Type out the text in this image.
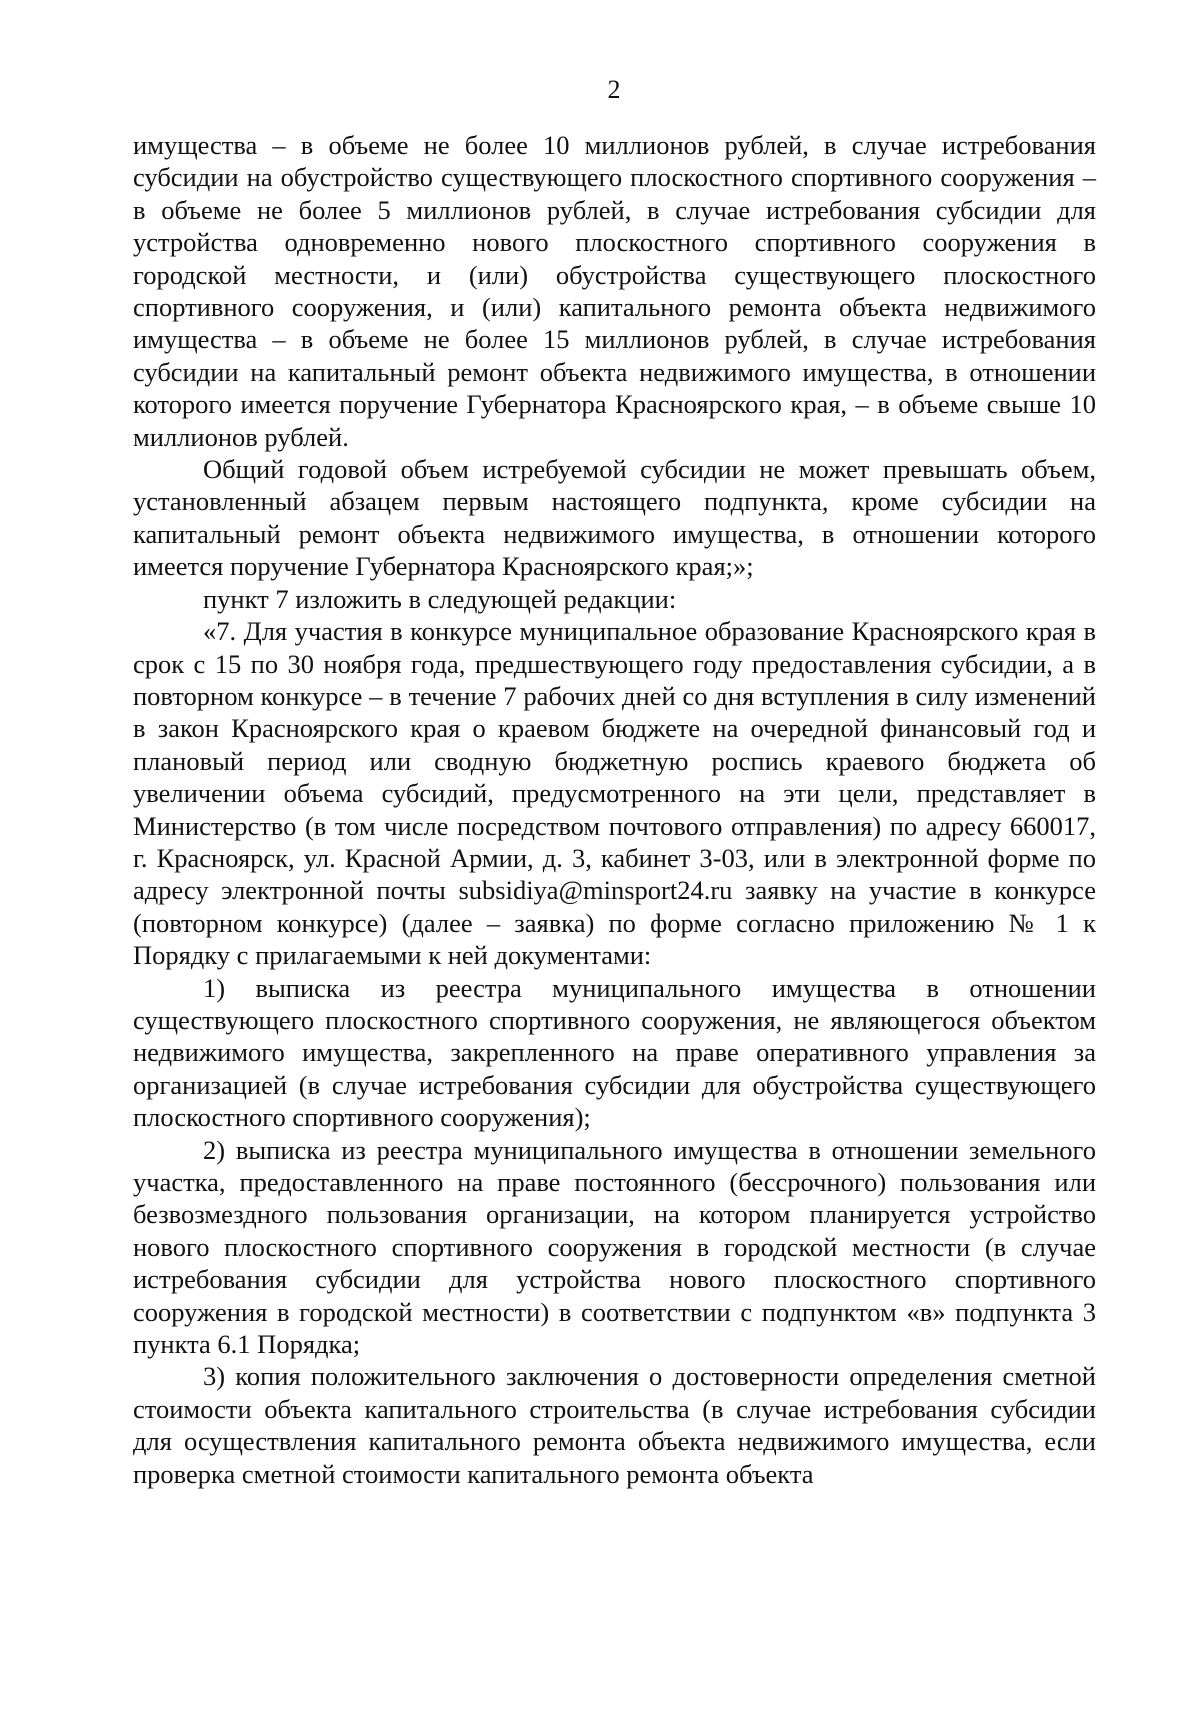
2

имущества – в объеме не более 10 миллионов рублей, в случае истребования субсидии на обустройство существующего плоскостного спортивного сооружения – в объеме не более 5 миллионов рублей, в случае истребования субсидии для устройства одновременно нового плоскостного спортивного сооружения в городской местности, и (или) обустройства существующего плоскостного спортивного сооружения, и (или) капитального ремонта объекта недвижимого имущества – в объеме не более 15 миллионов рублей, в случае истребования субсидии на капитальный ремонт объекта недвижимого имущества, в отношении которого имеется поручение Губернатора Красноярского края, – в объеме свыше 10 миллионов рублей.

Общий годовой объем истребуемой субсидии не может превышать объем, установленный абзацем первым настоящего подпункта, кроме субсидии на капитальный ремонт объекта недвижимого имущества, в отношении которого имеется поручение Губернатора Красноярского края;»;

пункт 7 изложить в следующей редакции:

«7. Для участия в конкурсе муниципальное образование Красноярского края в срок с 15 по 30 ноября года, предшествующего году предоставления субсидии, а в повторном конкурсе – в течение 7 рабочих дней со дня вступления в силу изменений в закон Красноярского края о краевом бюджете на очередной финансовый год и плановый период или сводную бюджетную роспись краевого бюджета об увеличении объема субсидий, предусмотренного на эти цели, представляет в Министерство (в том числе посредством почтового отправления) по адресу 660017, г. Красноярск, ул. Красной Армии, д. 3, кабинет 3-03, или в электронной форме по адресу электронной почты subsidiya@minsport24.ru заявку на участие в конкурсе (повторном конкурсе) (далее – заявка) по форме согласно приложению № 1 к Порядку с прилагаемыми к ней документами:

1) выписка из реестра муниципального имущества в отношении существующего плоскостного спортивного сооружения, не являющегося объектом недвижимого имущества, закрепленного на праве оперативного управления за организацией (в случае истребования субсидии для обустройства существующего плоскостного спортивного сооружения);

2) выписка из реестра муниципального имущества в отношении земельного участка, предоставленного на праве постоянного (бессрочного) пользования или безвозмездного пользования организации, на котором планируется устройство нового плоскостного спортивного сооружения в городской местности (в случае истребования субсидии для устройства нового плоскостного спортивного сооружения в городской местности) в соответствии с подпунктом «в» подпункта 3 пункта 6.1 Порядка;

3) копия положительного заключения о достоверности определения сметной стоимости объекта капитального строительства (в случае истребования субсидии для осуществления капитального ремонта объекта недвижимого имущества, если проверка сметной стоимости капитального ремонта объекта
